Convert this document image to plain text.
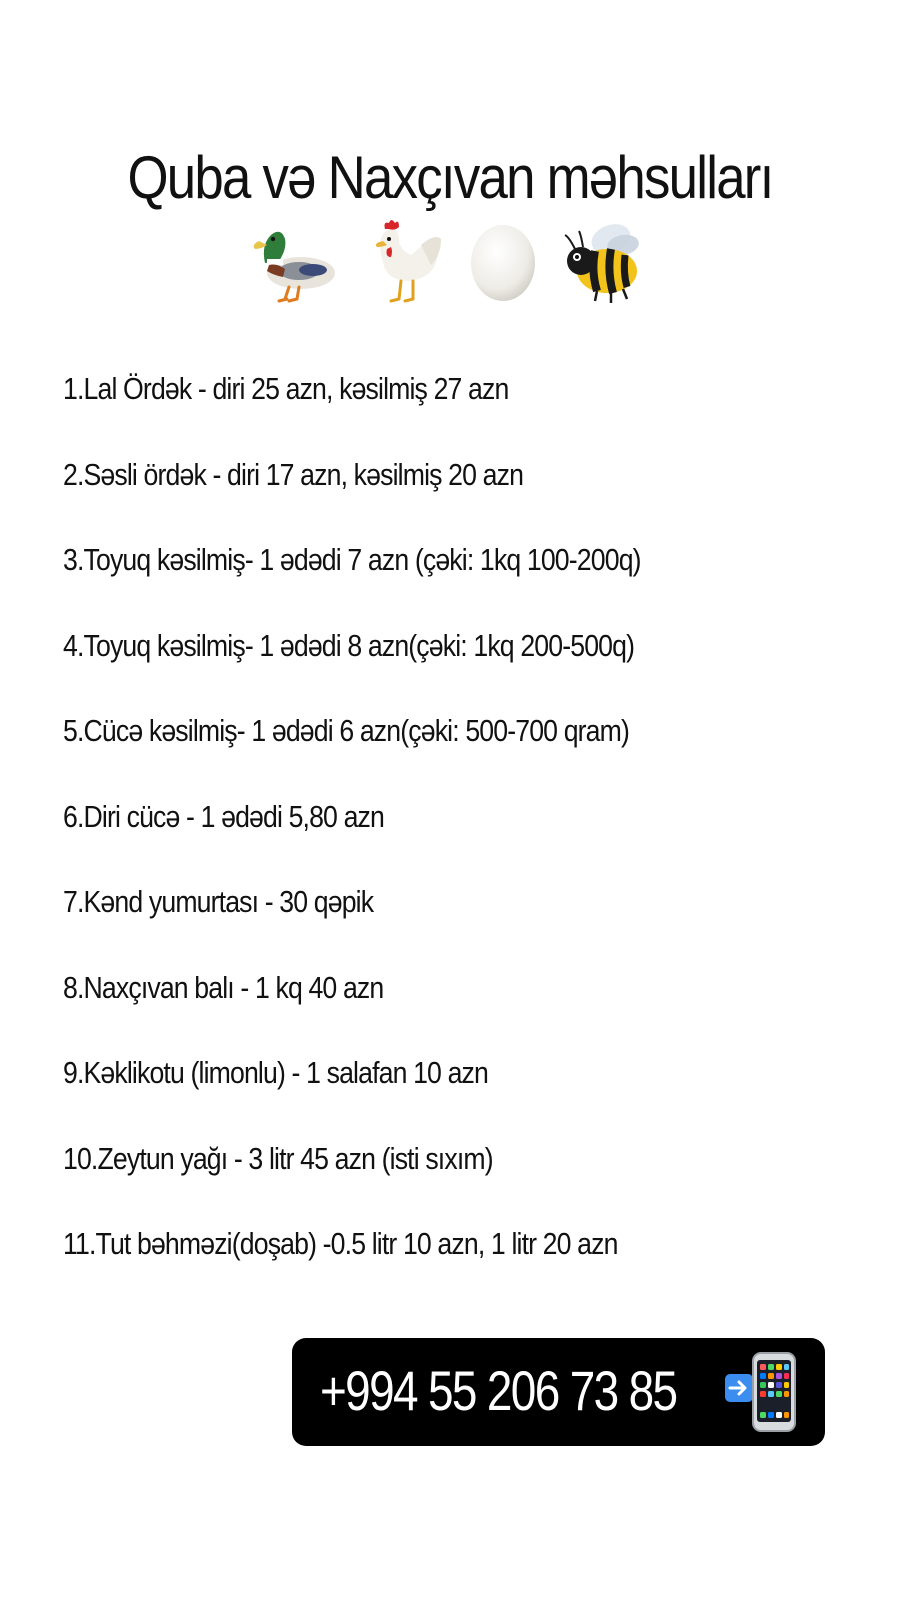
Quba və Naxçıvan məhsulları
1.Lal Ördək - diri 25 azn, kəsilmiş 27 azn
2.Səsli ördək - diri 17 azn, kəsilmiş 20 azn
3.Toyuq kəsilmiş- 1 ədədi 7 azn (çəki: 1kq 100-200q)
4.Toyuq kəsilmiş- 1 ədədi 8 azn(çəki: 1kq 200-500q)
5.Cücə kəsilmiş- 1 ədədi 6 azn(çəki: 500-700 qram)
6.Diri cücə - 1 ədədi 5,80 azn
7.Kənd yumurtası - 30 qəpik
8.Naxçıvan balı - 1 kq 40 azn
9.Kəklikotu (limonlu) - 1 salafan 10 azn
10.Zeytun yağı - 3 litr 45 azn (isti sıxım)
11.Tut bəhməzi(doşab) -0.5 litr 10 azn, 1 litr 20 azn
+994 55 206 73 85
